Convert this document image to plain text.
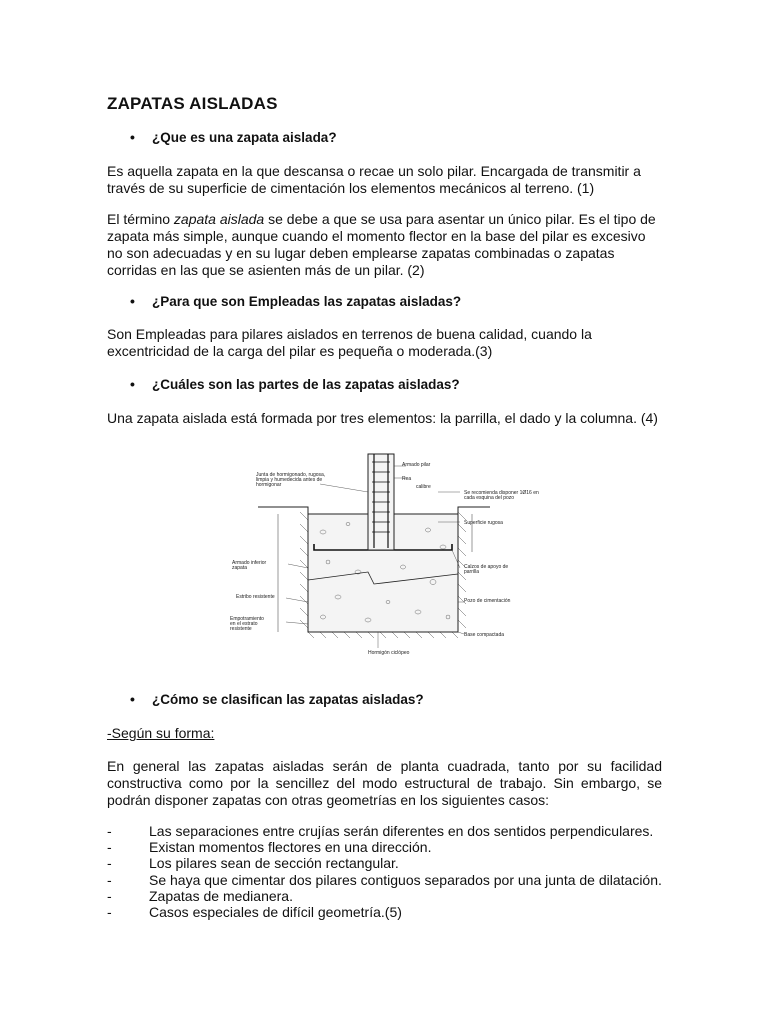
ZAPATAS AISLADAS
• ¿Que es una zapata aislada?

Es aquella zapata en la que descansa o recae un solo pilar. Encargada de transmitir a través de su superficie de cimentación los elementos mecánicos al terreno. (1)

El término zapata aislada se debe a que se usa para asentar un único pilar. Es el tipo de zapata más simple, aunque cuando el momento flector en la base del pilar es excesivo no son adecuadas y en su lugar deben emplearse zapatas combinadas o zapatas corridas en las que se asienten más de un pilar. (2)

• ¿Para que son Empleadas las zapatas aisladas?

Son Empleadas para pilares aislados en terrenos de buena calidad, cuando la excentricidad de la carga del pilar es pequeña o moderada.(3)

• ¿Cuáles son las partes de las zapatas aisladas?

Una zapata aislada está formada por tres elementos: la parrilla, el dado y la columna. (4)

Junta de hormigonado, rugosa, limpia y humedecida antes de hormigonar
Armado pilar
Rea
calibre
Se recomienda disponer 1Ø16 en cada esquina del pozo
Superficie rugosa
Armado inferior zapata	Calzos de apoyo de parrilla
Estribo resistente
Pozo de cimentación
Empotramiento en el estrato resistente
Base compactada
Hormigón ciclópeo
• ¿Cómo se clasifican las zapatas aisladas?

-Según su forma:

En general las zapatas aisladas serán de planta cuadrada, tanto por su facilidad constructiva como por la sencillez del modo estructural de trabajo. Sin embargo, se podrán disponer zapatas con otras geometrías en los siguientes casos:

-	Las separaciones entre crujías serán diferentes en dos sentidos perpendiculares.
-	Existan momentos flectores en una dirección.
-	Los pilares sean de sección rectangular.
-	Se haya que cimentar dos pilares contiguos separados por una junta de dilatación.
-	Zapatas de medianera.
-	Casos especiales de difícil geometría.(5)
